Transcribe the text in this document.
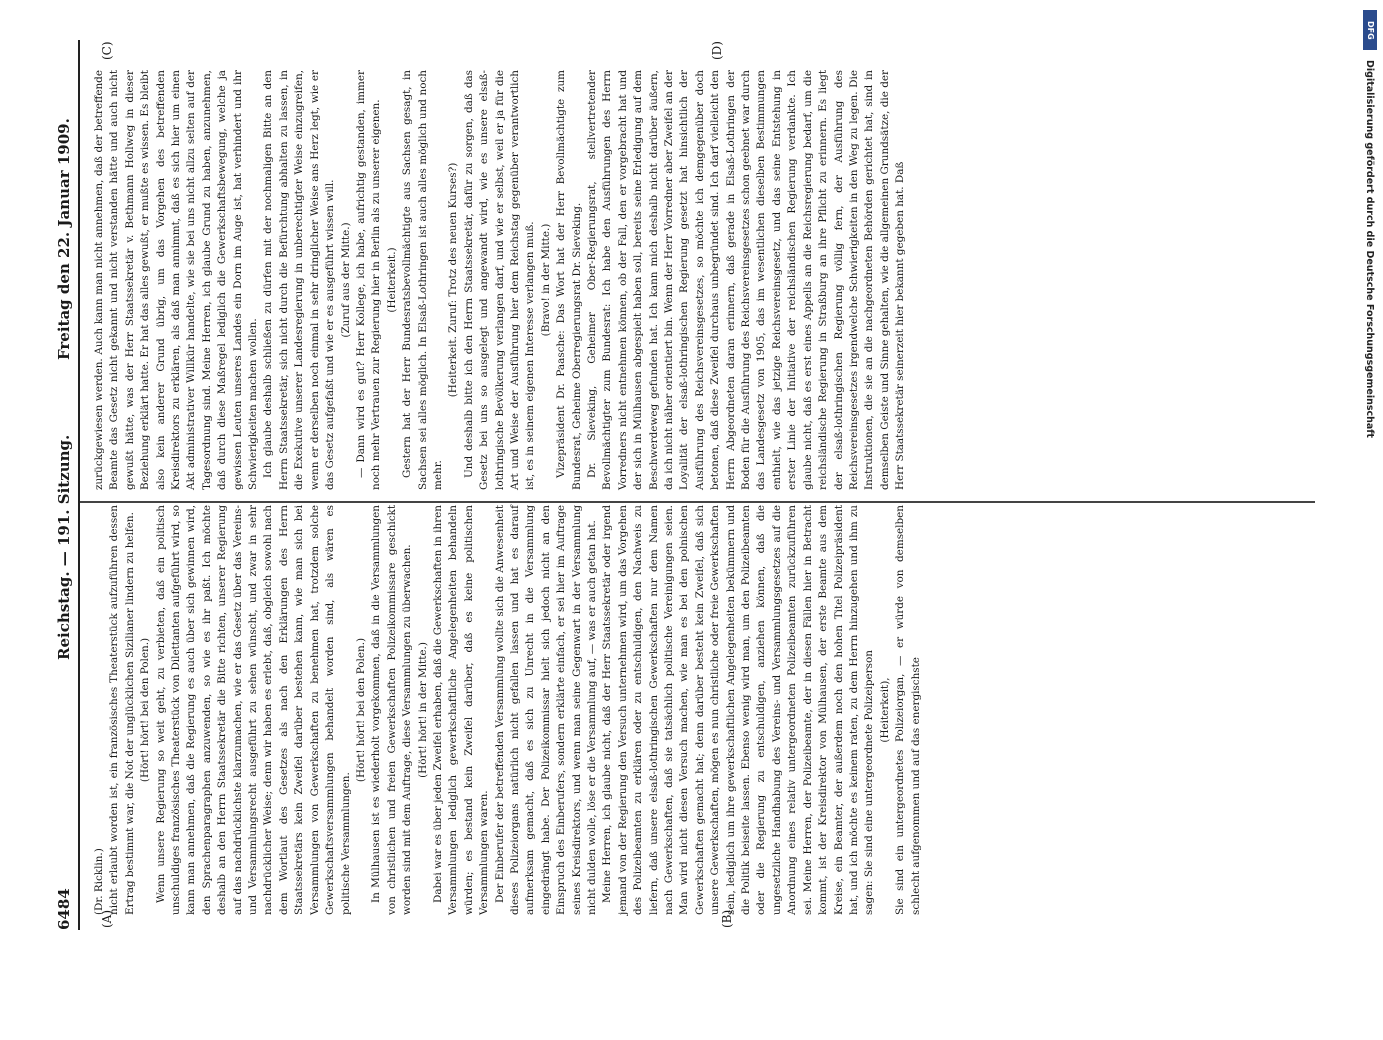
6484
Reichstag. — 191. Sitzung.
Freitag den 22. Januar 1909.
(A)	(B)
(C)	(D)

(Dr. Ricklin.) nicht erlaubt worden ist, ein französisches Theaterstück aufzuführen dessen Ertrag bestimmt war, die Not der unglücklichen Sizilianer lindern zu helfen. (Hört! hört! bei den Polen.) Wenn unsere Regierung so weit geht, zu verbieten, daß ein politisch unschuldiges französisches Theaterstück von Dilettanten aufgeführt wird, so kann man annehmen, daß die Regierung es auch über sich gewinnen wird, den Sprachenparagraphen anzuwenden, so wie es ihr paßt. Ich möchte deshalb an den Herrn Staatssekretär die Bitte richten, unserer Regierung auf das nachdrücklichste klarzumachen, wie er das Gesetz über das Vereins- und Versammlungsrecht ausgeführt zu sehen wünscht, und zwar in sehr nachdrücklicher Weise; denn wir haben es erlebt, daß, obgleich sowohl nach dem Wortlaut des Gesetzes als nach den Erklärungen des Herrn Staatssekretärs kein Zweifel darüber bestehen kann, wie man sich bei Versammlungen von Gewerkschaften zu benehmen hat, trotzdem solche Gewerkschaftsversammlungen behandelt worden sind, als wären es politische Versammlungen.

(Hört! hört! bei den Polen.) In Mülhausen ist es wiederholt vorgekommen, daß in die Versammlungen von christlichen und freien Gewerkschaften Polizeikommissare geschickt worden sind mit dem Auftrage, diese Versammlungen zu überwachen. (Hört! hört! in der Mitte.) Dabei war es über jeden Zweifel erhaben, daß die Gewerkschaften in ihren Versammlungen lediglich gewerkschaftliche Angelegenheiten behandeln würden; es bestand kein Zweifel darüber, daß es keine politischen Versammlungen waren. Der Einberufer der betreffenden Versammlung wollte sich die Anwesenheit dieses Polizeiorgans natürlich nicht gefallen lassen und hat es darauf aufmerksam gemacht, daß es sich zu Unrecht in die Versammlung eingedrängt habe. Der Polizeikommissar hielt sich jedoch nicht an den Einspruch des Einberufers, sondern erklärte einfach, er sei hier im Auftrage seines Kreisdirektors, und wenn man seine Gegenwart in der Versammlung nicht dulden wolle, löse er die Versammlung auf, — was er auch getan hat. Meine Herren, ich glaube nicht, daß der Herr Staatssekretär oder irgend jemand von der Regierung den Versuch unternehmen wird, um das Vorgehen des Polizeibeamten zu erklären oder zu entschuldigen, den Nachweis zu liefern, daß unsere elsaß-lothringischen Gewerkschaften nur dem Namen nach Gewerkschaften, daß sie tatsächlich politische Vereinigungen seien. Man wird nicht diesen Versuch machen, wie man es bei den polnischen Gewerkschaften gemacht hat; denn darüber besteht kein Zweifel, daß sich unsere Gewerkschaften, mögen es nun christliche oder freie Gewerkschaften sein, lediglich um ihre gewerkschaftlichen Angelegenheiten bekümmern und die Politik beiseite lassen. Ebenso wenig wird man, um den Polizeibeamten oder die Regierung zu entschuldigen, anziehen können, daß die ungesetzliche Handhabung des Vereins- und Versammlungsgesetzes auf die Anordnung eines relativ untergeordneten Polizeibeamten zurückzuführen sei. Meine Herren, der Polizeibeamte, der in diesen Fällen hier in Betracht kommt, ist der Kreisdirektor von Mülhausen, der erste Beamte aus dem Kreise, ein Beamter, der außerdem noch den hohen Titel Polizeipräsident hat, und ich möchte es keinem raten, zu dem Herrn hinzugehen und ihm zu sagen: Sie sind eine untergeordnete Polizeiperson (Heiterkeit), Sie sind ein untergeordnetes Polizeiorgan, — er würde von demselben schlecht aufgenommen und auf das energischste

zurückgewiesen werden. Auch kann man nicht annehmen, daß der betreffende Beamte das Gesetz nicht gekannt und nicht verstanden hätte und auch nicht gewußt hätte, was der Herr Staatssekretär v. Bethmann Hollweg in dieser Beziehung erklärt hatte. Er hat das alles gewußt, er mußte es wissen. Es bleibt also kein anderer Grund übrig, um das Vorgehen des betreffenden Kreisdirektors zu erklären, als daß man annimmt, daß es sich hier um einen Akt administrativer Willkür handelte, wie sie bei uns nicht allzu selten auf der Tagesordnung sind. Meine Herren, ich glaube Grund zu haben, anzunehmen, daß durch diese Maßregel lediglich die Gewerkschaftsbewegung, welche ja gewissen Leuten unseres Landes ein Dorn im Auge ist, hat verhindert und ihr Schwierigkeiten machen wollen. Ich glaube deshalb schließen zu dürfen mit der nochmaligen Bitte an den Herrn Staatssekretär, sich nicht durch die Befürchtung abhalten zu lassen, in die Exekutive unserer Landesregierung in unberechtigter Weise einzugreifen, wenn er derselben noch einmal in sehr dringlicher Weise ans Herz legt, wie er das Gesetz aufgefaßt und wie er es ausgeführt wissen will. (Zuruf aus der Mitte.) — Dann wird es gut? Herr Kollege, ich habe, aufrichtig gestanden, immer noch mehr Vertrauen zur Regierung hier in Berlin als zu unserer eigenen. (Heiterkeit.) Gestern hat der Herr Bundesratsbevollmächtigte aus Sachsen gesagt, in Sachsen sei alles möglich. In Elsaß-Lothringen ist auch alles möglich und noch mehr.

(Heiterkeit. Zuruf: Trotz des neuen Kurses?) Und deshalb bitte ich den Herrn Staatssekretär, dafür zu sorgen, daß das Gesetz bei uns so ausgelegt und angewandt wird, wie es unsere elsaß-lothringische Bevölkerung verlangen darf, und wie er selbst, weil er ja für die Art und Weise der Ausführung hier dem Reichstag gegenüber verantwortlich ist, es in seinem eigenen Interesse verlangen muß. (Bravo! in der Mitte.) Vizepräsident Dr. Paasche: Das Wort hat der Herr Bevollmächtigte zum Bundesrat, Geheime Oberregierungsrat Dr. Sieveking. Dr. Sieveking, Geheimer Ober-Regierungsrat, stellvertretender Bevollmächtigter zum Bundesrat: Ich habe den Ausführungen des Herrn Vorredners nicht entnehmen können, ob der Fall, den er vorgebracht hat und der sich in Mülhausen abgespielt haben soll, bereits seine Erledigung auf dem Beschwerdeweg gefunden hat. Ich kann mich deshalb nicht darüber äußern, da ich nicht näher orientiert bin. Wenn der Herr Vorredner aber Zweifel an der Loyalität der elsaß-lothringischen Regierung gesetzt hat hinsichtlich der Ausführung des Reichsvereinsgesetzes, so möchte ich demgegenüber doch betonen, daß diese Zweifel durchaus unbegründet sind. Ich darf vielleicht den Herrn Abgeordneten daran erinnern, daß gerade in Elsaß-Lothringen der Boden für die Ausführung des Reichsvereinsgesetzes schon geebnet war durch das Landesgesetz von 1905, das im wesentlichen dieselben Bestimmungen enthielt, wie das jetzige Reichsvereinsgesetz, und das seine Entstehung in erster Linie der Initiative der reichsländischen Regierung verdankte. Ich glaube nicht, daß es erst eines Appells an die Reichsregierung bedarf, um die reichsländische Regierung in Straßburg an ihre Pflicht zu erinnern. Es liegt der elsaß-lothringischen Regierung völlig fern, der Ausführung des Reichsvereinsgesetzes irgendwelche Schwierigkeiten in den Weg zu legen. Die Instruktionen, die sie an die nachgeordneten Behörden gerichtet hat, sind in demselben Geiste und Sinne gehalten, wie die allgemeinen Grundsätze, die der Herr Staatssekretär seinerzeit hier bekannt gegeben hat. Daß

DFG
Digitalisierung gefördert durch die Deutsche Forschungsgemeinschaft
